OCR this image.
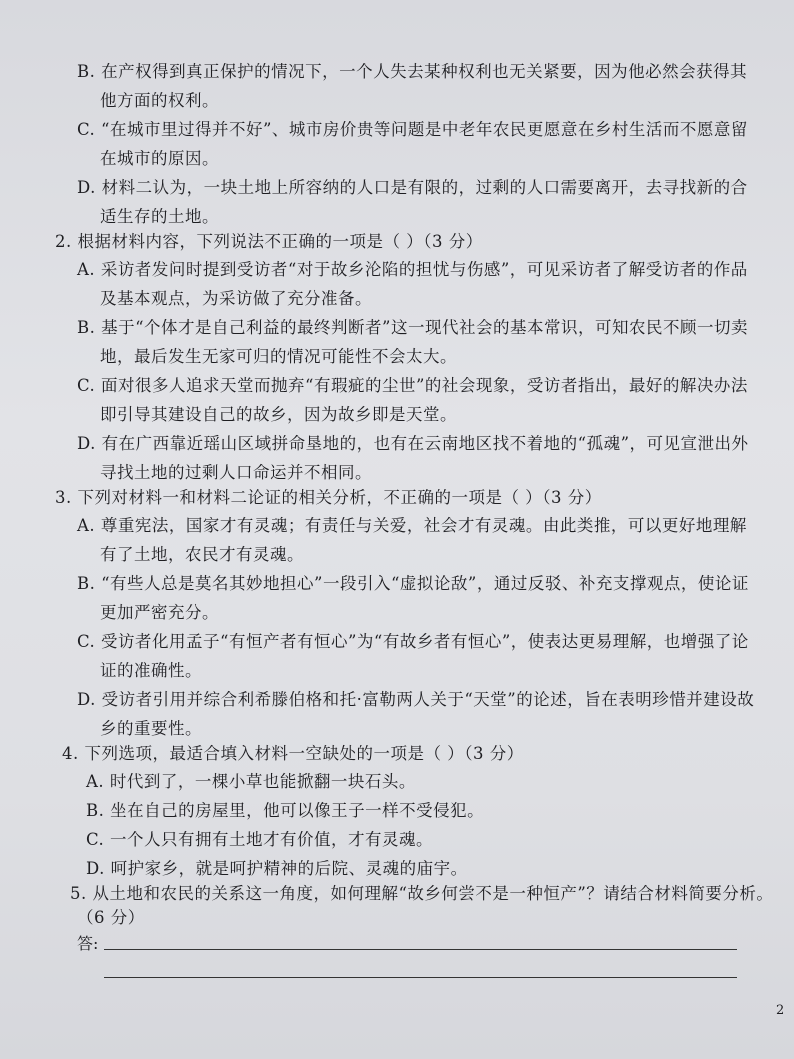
B. 在产权得到真正保护的情况下，一个人失去某种权利也无关紧要，因为他必然会获得其
他方面的权利。
C. “在城市里过得并不好”、城市房价贵等问题是中老年农民更愿意在乡村生活而不愿意留
在城市的原因。
D. 材料二认为，一块土地上所容纳的人口是有限的，过剩的人口需要离开，去寻找新的合
适生存的土地。
2. 根据材料内容，下列说法不正确的一项是（ ）（3 分）
A. 采访者发问时提到受访者“对于故乡沦陷的担忧与伤感”，可见采访者了解受访者的作品
及基本观点，为采访做了充分准备。
B. 基于“个体才是自己利益的最终判断者”这一现代社会的基本常识，可知农民不顾一切卖
地，最后发生无家可归的情况可能性不会太大。
C. 面对很多人追求天堂而抛弃“有瑕疵的尘世”的社会现象，受访者指出，最好的解决办法
即引导其建设自己的故乡，因为故乡即是天堂。
D. 有在广西靠近瑶山区域拼命垦地的，也有在云南地区找不着地的“孤魂”，可见宣泄出外
寻找土地的过剩人口命运并不相同。
3. 下列对材料一和材料二论证的相关分析，不正确的一项是（ ）（3 分）
A. 尊重宪法，国家才有灵魂；有责任与关爱，社会才有灵魂。由此类推，可以更好地理解
有了土地，农民才有灵魂。
B. “有些人总是莫名其妙地担心”一段引入“虚拟论敌”，通过反驳、补充支撑观点，使论证
更加严密充分。
C. 受访者化用孟子“有恒产者有恒心”为“有故乡者有恒心”，使表达更易理解，也增强了论
证的准确性。
D. 受访者引用并综合利希滕伯格和托·富勒两人关于“天堂”的论述，旨在表明珍惜并建设故
乡的重要性。
4. 下列选项，最适合填入材料一空缺处的一项是（ ）（3 分）
A. 时代到了，一棵小草也能掀翻一块石头。
B. 坐在自己的房屋里，他可以像王子一样不受侵犯。
C. 一个人只有拥有土地才有价值，才有灵魂。
D. 呵护家乡，就是呵护精神的后院、灵魂的庙宇。
5. 从土地和农民的关系这一角度，如何理解“故乡何尝不是一种恒产”？请结合材料简要分析。
（6 分）
答:
2
